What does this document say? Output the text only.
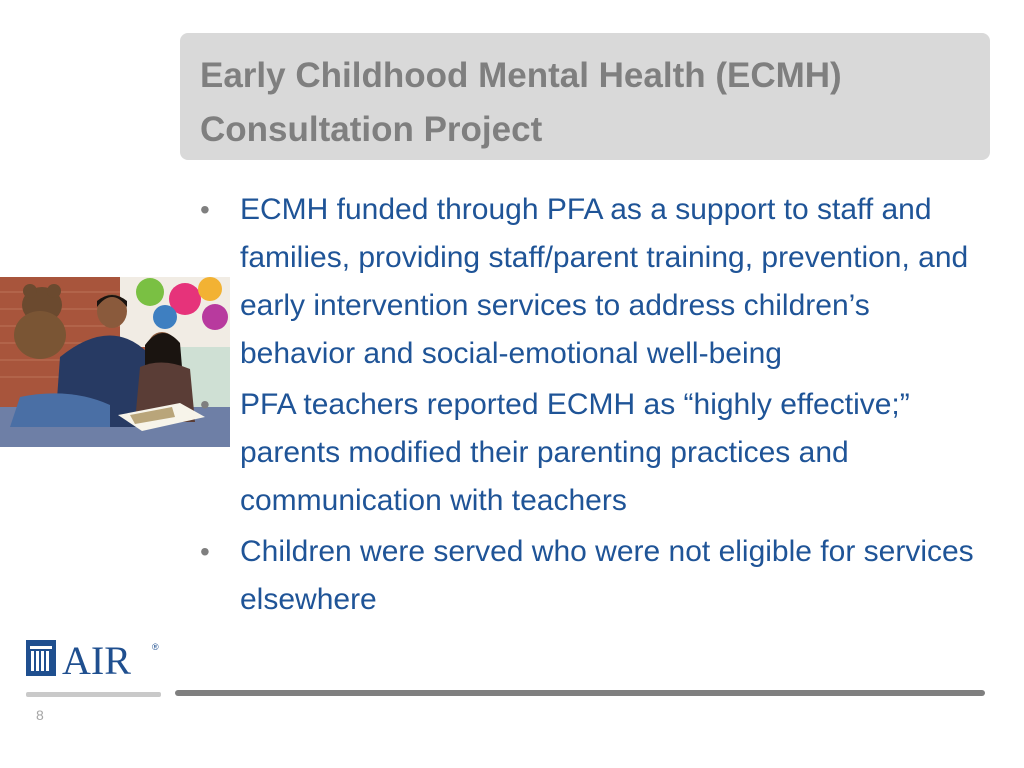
Early Childhood Mental Health (ECMH) Consultation Project
• ECMH funded through PFA as a support to staff and families, providing staff/parent training, prevention, and early intervention services to address children’s behavior and social-emotional well-being
• PFA teachers reported ECMH as “highly effective;” parents modified their parenting practices and communication with teachers
• Children were served who were not eligible for services elsewhere
AIR ®
8
